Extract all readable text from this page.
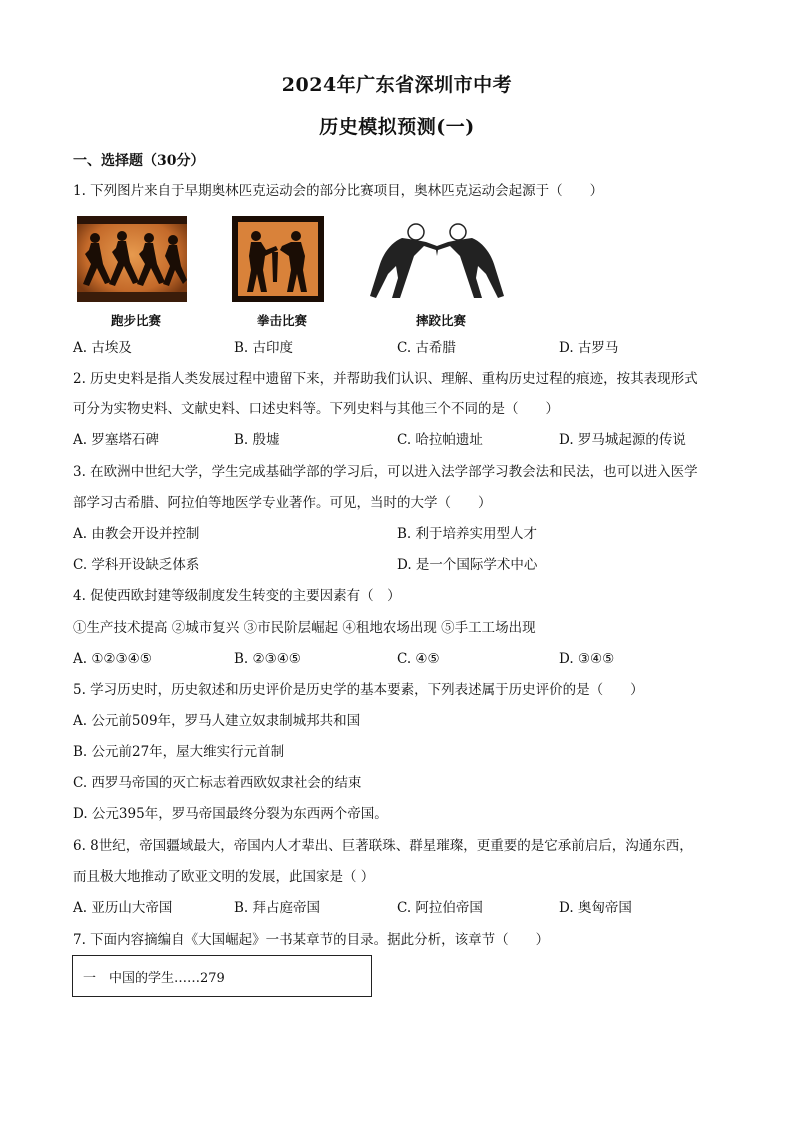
2024年广东省深圳市中考
历史模拟预测(一)
一、选择题（30分）
1. 下列图片来自于早期奥林匹克运动会的部分比赛项目，奥林匹克运动会起源于（　　）
跑步比赛	拳击比赛	摔跤比赛
A. 古埃及	B. 古印度	C. 古希腊	D. 古罗马
2. 历史史料是指人类发展过程中遗留下来，并帮助我们认识、理解、重构历史过程的痕迹，按其表现形式
可分为实物史料、文献史料、口述史料等。下列史料与其他三个不同的是（　　）
A. 罗塞塔石碑	B. 殷墟	C. 哈拉帕遗址	D. 罗马城起源的传说
3. 在欧洲中世纪大学，学生完成基础学部的学习后，可以进入法学部学习教会法和民法，也可以进入医学
部学习古希腊、阿拉伯等地医学专业著作。可见，当时的大学（　　）
A. 由教会开设并控制	B. 利于培养实用型人才
C. 学科开设缺乏体系	D. 是一个国际学术中心
4. 促使西欧封建等级制度发生转变的主要因素有（　）
①生产技术提高 ②城市复兴 ③市民阶层崛起 ④租地农场出现 ⑤手工工场出现
A. ①②③④⑤	B. ②③④⑤	C. ④⑤	D. ③④⑤
5. 学习历史时，历史叙述和历史评价是历史学的基本要素，下列表述属于历史评价的是（　　）
A. 公元前509年，罗马人建立奴隶制城邦共和国
B. 公元前27年，屋大维实行元首制
C. 西罗马帝国的灭亡标志着西欧奴隶社会的结束
D. 公元395年，罗马帝国最终分裂为东西两个帝国。
6. 8世纪，帝国疆域最大，帝国内人才辈出、巨著联珠、群星璀璨，更重要的是它承前启后，沟通东西，
而且极大地推动了欧亚文明的发展，此国家是（ ）
A. 亚历山大帝国	B. 拜占庭帝国	C. 阿拉伯帝国	D. 奥匈帝国
7. 下面内容摘编自《大国崛起》一书某章节的目录。据此分析，该章节（　　）
一　中国的学生……279
